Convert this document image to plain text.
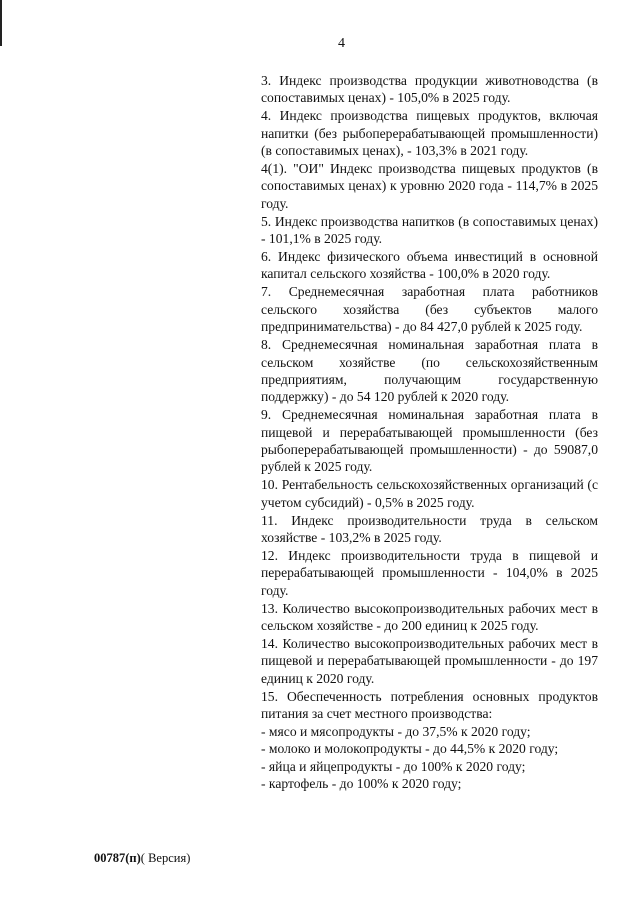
4

3. Индекс производства продукции животноводства (в сопоставимых ценах) - 105,0% в 2025 году.

4. Индекс производства пищевых продуктов, включая напитки (без рыбоперерабатывающей промышленности) (в сопоставимых ценах), - 103,3% в 2021 году.

4(1). "ОИ" Индекс производства пищевых продуктов (в сопоставимых ценах) к уровню 2020 года - 114,7% в 2025 году.

5. Индекс производства напитков (в сопоставимых ценах) - 101,1% в 2025 году.

6. Индекс физического объема инвестиций в основной капитал сельского хозяйства - 100,0% в 2020 году.

7. Среднемесячная заработная плата работников сельского хозяйства (без субъектов малого предпринимательства) - до 84 427,0 рублей к 2025 году.

8. Среднемесячная номинальная заработная плата в сельском хозяйстве (по сельскохозяйственным предприятиям, получающим государственную поддержку) - до 54 120 рублей к 2020 году.

9. Среднемесячная номинальная заработная плата в пищевой и перерабатывающей промышленности (без рыбоперерабатывающей промышленности) - до 59087,0 рублей к 2025 году.

10. Рентабельность сельскохозяйственных организаций (с учетом субсидий) - 0,5% в 2025 году.

11. Индекс производительности труда в сельском хозяйстве - 103,2% в 2025 году.

12. Индекс производительности труда в пищевой и перерабатывающей промышленности - 104,0% в 2025 году.

13. Количество высокопроизводительных рабочих мест в сельском хозяйстве - до 200 единиц к 2025 году.

14. Количество высокопроизводительных рабочих мест в пищевой и перерабатывающей промышленности - до 197 единиц к 2020 году.

15. Обеспеченность потребления основных продуктов питания за счет местного производства:

- мясо и мясопродукты - до 37,5% к 2020 году;
- молоко и молокопродукты - до 44,5% к 2020 году;
- яйца и яйцепродукты - до 100% к 2020 году;
- картофель - до 100% к 2020 году;
00787(п)( Версия)
